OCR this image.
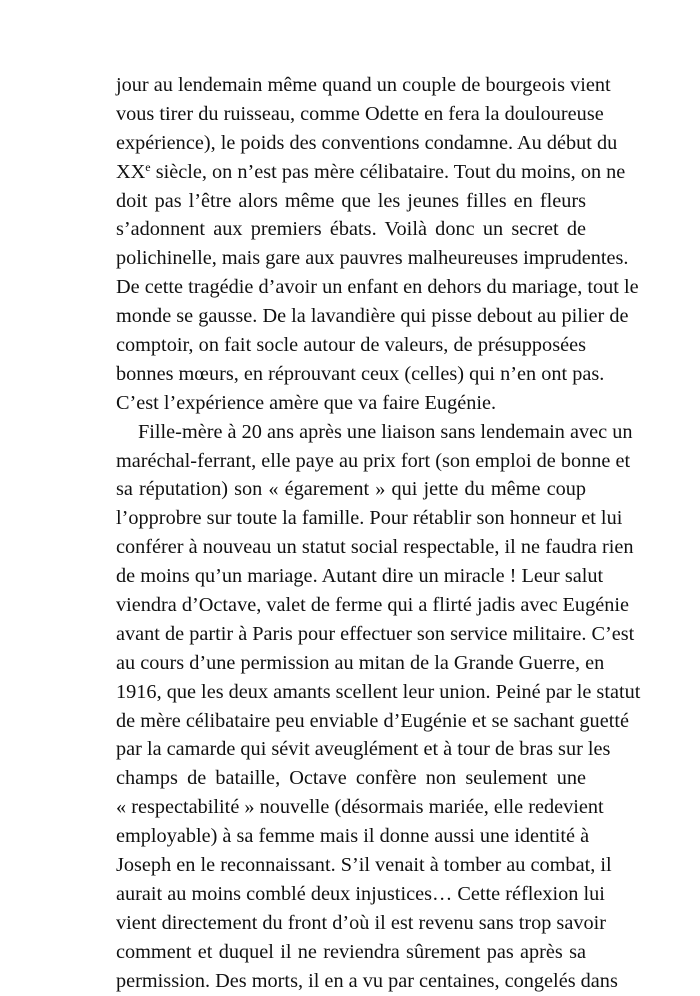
jour au lendemain même quand un couple de bourgeois vient
vous tirer du ruisseau, comme Odette en fera la douloureuse
expérience), le poids des conventions condamne. Au début du
XXe siècle, on n’est pas mère célibataire. Tout du moins, on ne
doit pas l’être alors même que les jeunes filles en fleurs
s’adonnent aux premiers ébats. Voilà donc un secret de
polichinelle, mais gare aux pauvres malheureuses imprudentes.
De cette tragédie d’avoir un enfant en dehors du mariage, tout le
monde se gausse. De la lavandière qui pisse debout au pilier de
comptoir, on fait socle autour de valeurs, de présupposées
bonnes mœurs, en réprouvant ceux (celles) qui n’en ont pas.
C’est l’expérience amère que va faire Eugénie.
Fille-mère à 20 ans après une liaison sans lendemain avec un
maréchal-ferrant, elle paye au prix fort (son emploi de bonne et
sa réputation) son « égarement » qui jette du même coup
l’opprobre sur toute la famille. Pour rétablir son honneur et lui
conférer à nouveau un statut social respectable, il ne faudra rien
de moins qu’un mariage. Autant dire un miracle ! Leur salut
viendra d’Octave, valet de ferme qui a flirté jadis avec Eugénie
avant de partir à Paris pour effectuer son service militaire. C’est
au cours d’une permission au mitan de la Grande Guerre, en
1916, que les deux amants scellent leur union. Peiné par le statut
de mère célibataire peu enviable d’Eugénie et se sachant guetté
par la camarde qui sévit aveuglément et à tour de bras sur les
champs de bataille, Octave confère non seulement une
« respectabilité » nouvelle (désormais mariée, elle redevient
employable) à sa femme mais il donne aussi une identité à
Joseph en le reconnaissant. S’il venait à tomber au combat, il
aurait au moins comblé deux injustices… Cette réflexion lui
vient directement du front d’où il est revenu sans trop savoir
comment et duquel il ne reviendra sûrement pas après sa
permission. Des morts, il en a vu par centaines, congelés dans
